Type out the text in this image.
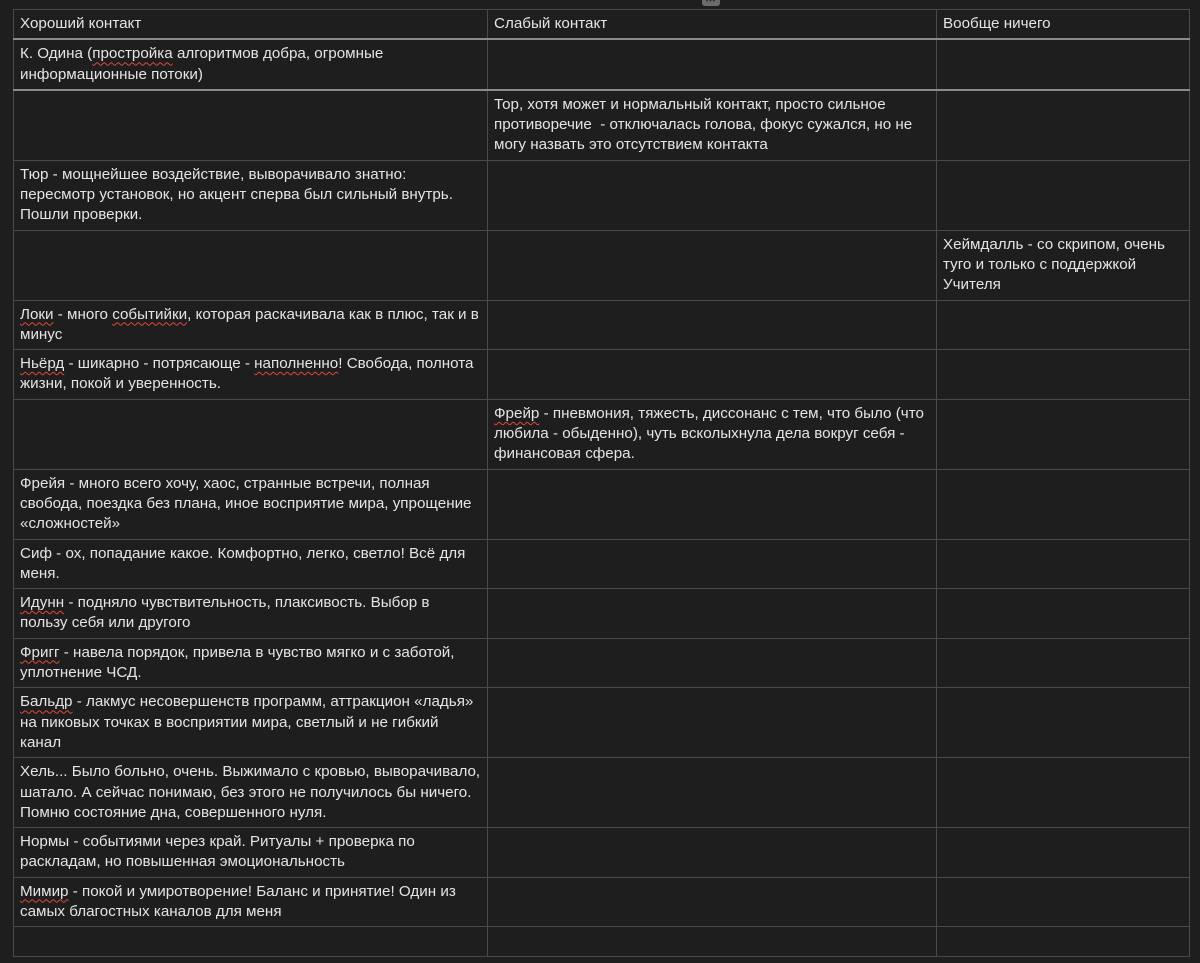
•••
Хороший контакт	Слабый контакт	Вообще ничего
К. Одина (простройка алгоритмов добра, огромные информационные потоки)		
	Тор, хотя может и нормальный контакт, просто сильное противоречие  - отключалась голова, фокус сужался, но не могу назвать это отсутствием контакта	
Тюр - мощнейшее воздействие, выворачивало знатно: пересмотр установок, но акцент сперва был сильный внутрь. Пошли проверки.		
		Хеймдалль - со скрипом, очень туго и только с поддержкой Учителя
Локи - много событийки, которая раскачивала как в плюс, так и в минус		
Ньёрд - шикарно - потрясающе - наполненно! Свобода, полнота жизни, покой и уверенность.		
	Фрейр - пневмония, тяжесть, диссонанс с тем, что было (что любила - обыденно), чуть всколыхнула дела вокруг себя - финансовая сфера.	
Фрейя - много всего хочу, хаос, странные встречи, полная свобода, поездка без плана, иное восприятие мира, упрощение «сложностей»		
Сиф - ох, попадание какое. Комфортно, легко, светло! Всё для меня.		
Идунн - подняло чувствительность, плаксивость. Выбор в пользу себя или другого		
Фригг - навела порядок, привела в чувство мягко и с заботой, уплотнение ЧСД.		
Бальдр - лакмус несовершенств программ, аттракцион «ладья» на пиковых точках в восприятии мира, светлый и не гибкий канал		
Хель... Было больно, очень. Выжимало с кровью, выворачивало, шатало. А сейчас понимаю, без этого не получилось бы ничего. Помню состояние дна, совершенного нуля.		
Нормы - событиями через край. Ритуалы + проверка по раскладам, но повышенная эмоциональность		
Мимир - покой и умиротворение! Баланс и принятие! Один из самых благостных каналов для меня		
